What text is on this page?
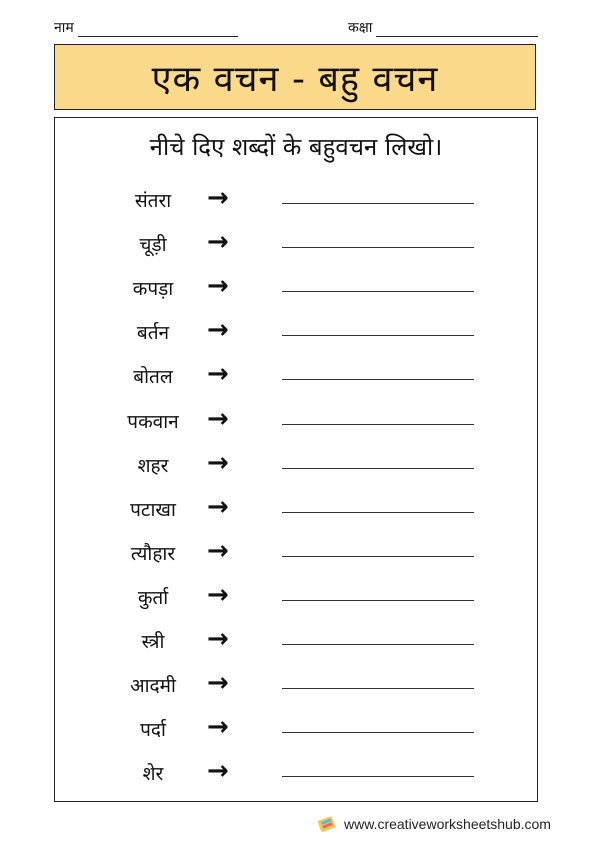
नाम	कक्षा
एक वचन - बहु वचन
नीचे दिए शब्दों के बहुवचन लिखो।
संतरा	→
चूड़ी	→
कपड़ा	→
बर्तन	→
बोतल	→
पकवान	→
शहर	→
पटाखा	→
त्यौहार	→
कुर्ता	→
स्त्री	→
आदमी	→
पर्दा	→
शेर	→
www.creativeworksheetshub.com
